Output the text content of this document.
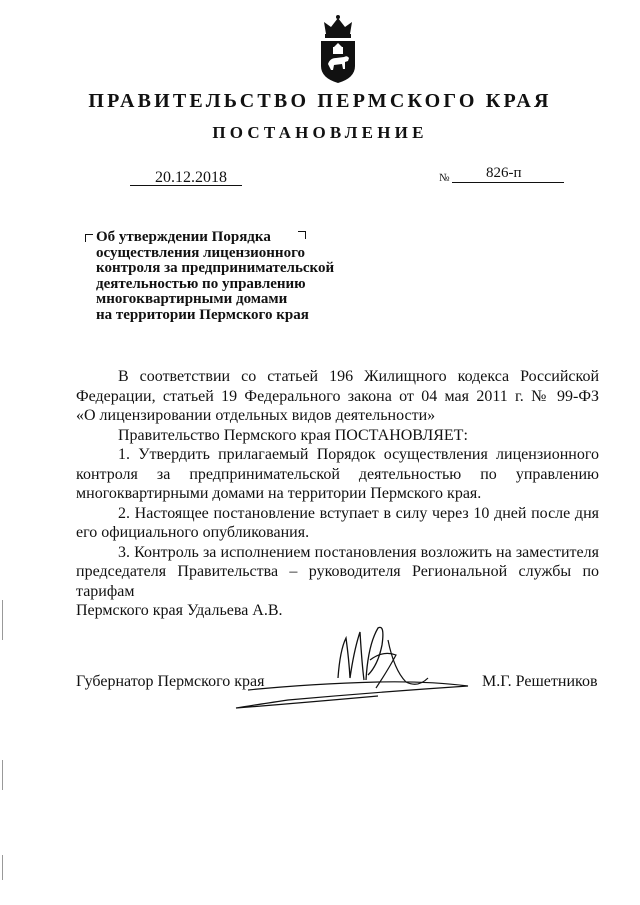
ПРАВИТЕЛЬСТВО ПЕРМСКОГО КРАЯ
ПОСТАНОВЛЕНИЕ
20.12.2018	№ 826-п
Об утверждении Порядка
осуществления лицензионного
контроля за предпринимательской
деятельностью по управлению
многоквартирными домами
на территории Пермского края

В соответствии со статьей 196 Жилищного кодекса Российской

Федерации, статьей 19 Федерального закона от 04 мая 2011 г. № 99-ФЗ

«О лицензировании отдельных видов деятельности»

Правительство Пермского края ПОСТАНОВЛЯЕТ:

1. Утвердить прилагаемый Порядок осуществления лицензионного

контроля за предпринимательской деятельностью по управлению

многоквартирными домами на территории Пермского края.

2. Настоящее постановление вступает в силу через 10 дней после дня

его официального опубликования.

3. Контроль за исполнением постановления возложить на заместителя

председателя Правительства – руководителя Региональной службы по тарифам

Пермского края Удальева А.В.

Губернатор Пермского края	М.Г. Решетников
